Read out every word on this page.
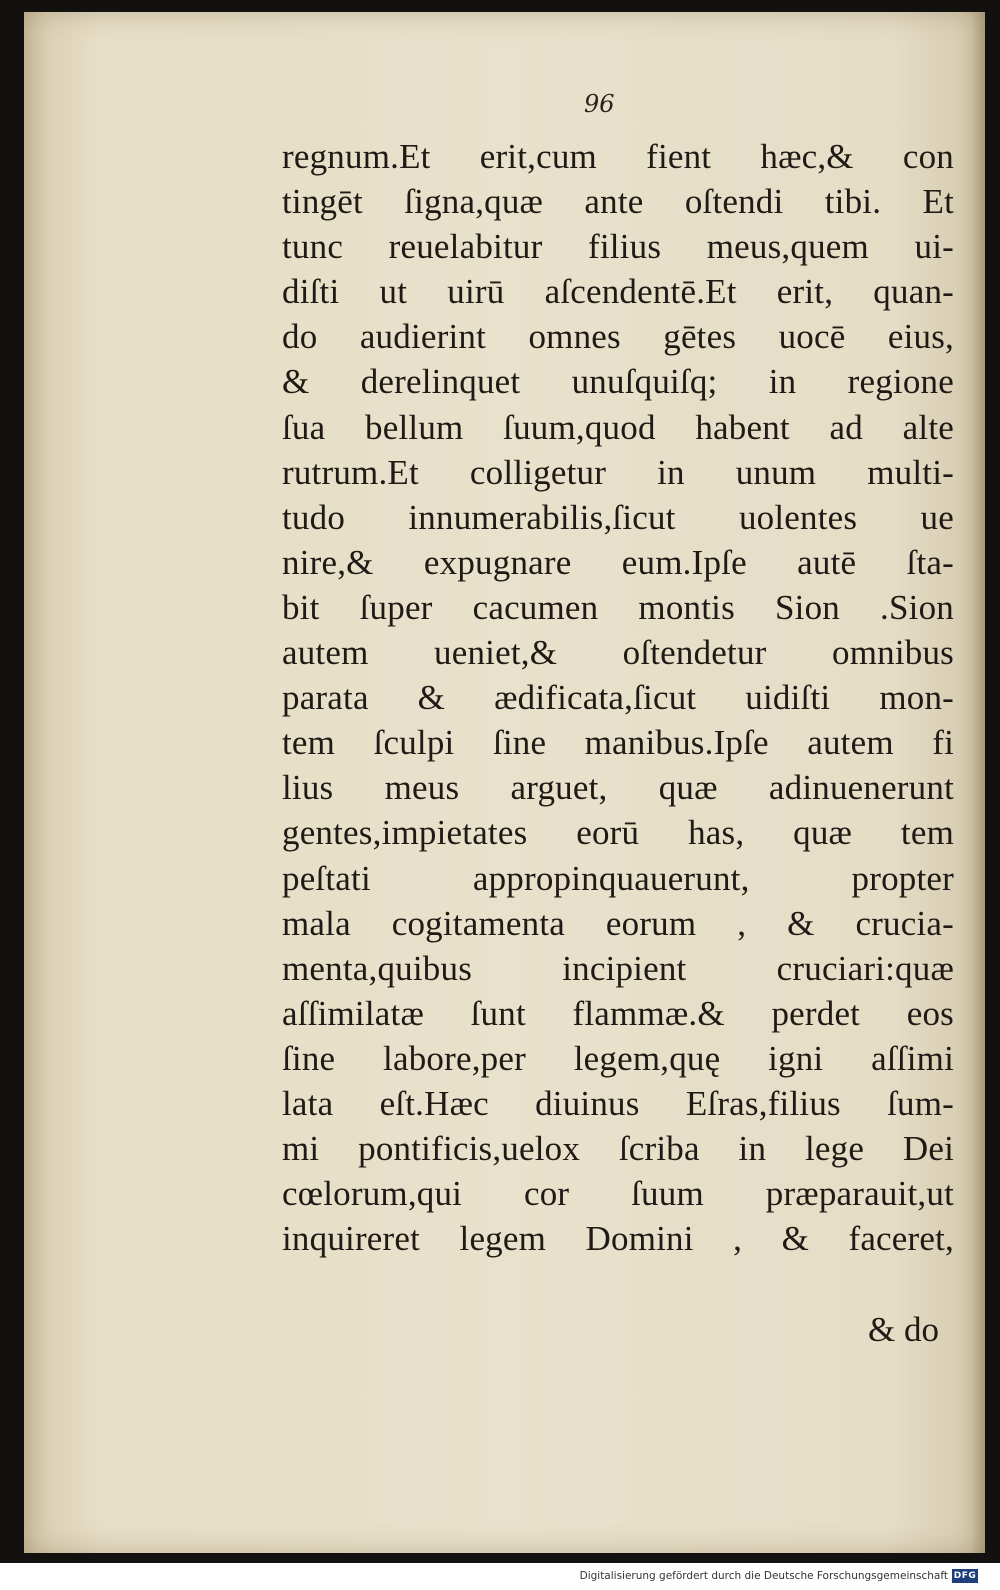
96
regnum.Et erit,cum fient hæc,& con
tingēt ſigna,quæ ante oſtendi tibi. Et
tunc reuelabitur filius meus,quem ui-
diſti ut uirū aſcendentē.Et erit, quan-
do audierint omnes gētes uocē eius,
& derelinquet unuſquiſq; in regione
ſua bellum ſuum,quod habent ad alte
rutrum.Et colligetur in unum multi-
tudo innumerabilis,ſicut uolentes ue
nire,& expugnare eum.Ipſe autē ſta-
bit ſuper cacumen montis Sion .Sion
autem ueniet,& oſtendetur omnibus
parata & ædificata,ſicut uidiſti mon-
tem ſculpi ſine manibus.Ipſe autem fi
lius meus arguet, quæ adinuenerunt
gentes,impietates eorū has, quæ tem
peſtati appropinquauerunt, propter
mala cogitamenta eorum , & crucia-
menta,quibus incipient cruciari:quæ
aſſimilatæ ſunt flammæ.& perdet eos
ſine labore,per legem,quę igni aſſimi
lata eſt.Hæc diuinus Eſras,filius ſum-
mi pontificis,uelox ſcriba in lege Dei
cœlorum,qui cor ſuum præparauit,ut
inquireret legem Domini , & faceret,
& do
Digitalisierung gefördert durch die Deutsche Forschungsgemeinschaft DFG
